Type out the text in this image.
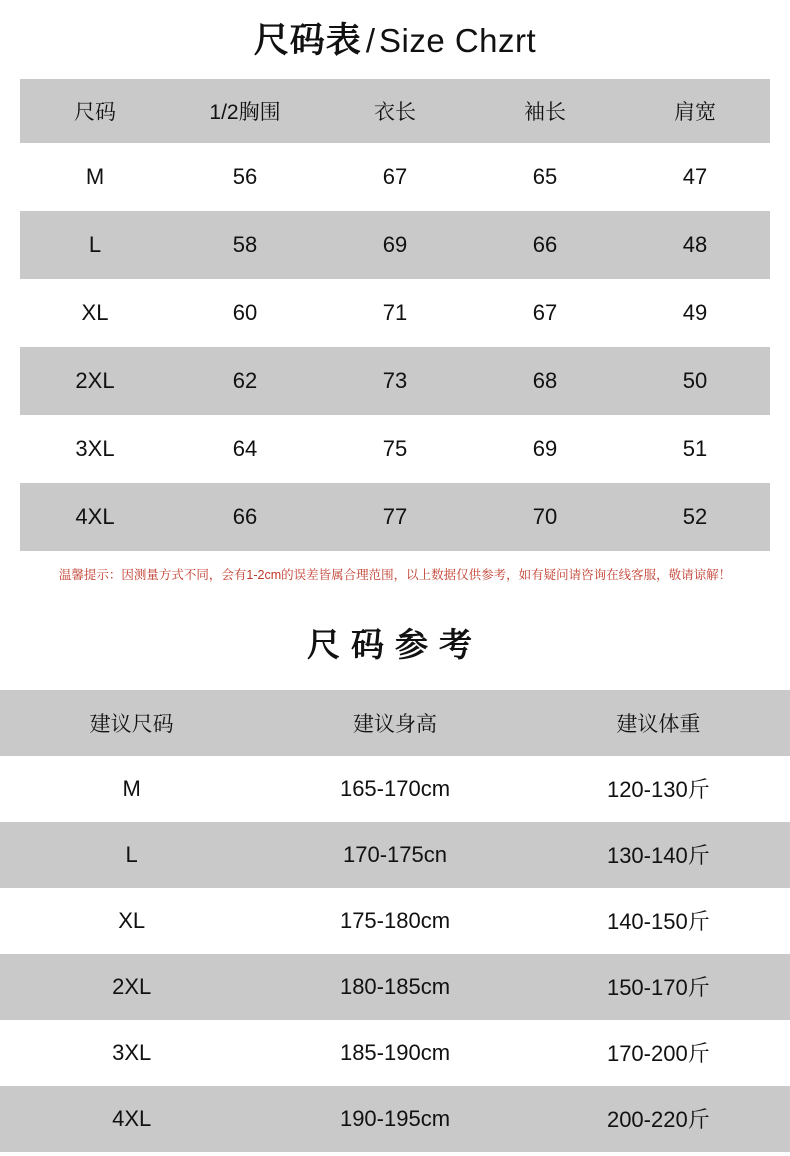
尺码表 / Size Chzrt
尺码	1/2胸围	衣长	袖长	肩宽
M	56	67	65	47
L	58	69	66	48
XL	60	71	67	49
2XL	62	73	68	50
3XL	64	75	69	51
4XL	66	77	70	52
温馨提示：因测量方式不同，会有1-2cm的误差皆属合理范围，以上数据仅供参考，如有疑问请咨询在线客服，敬请谅解！
尺码参考
建议尺码	建议身高	建议体重
M	165-170cm	120-130斤
L	170-175cn	130-140斤
XL	175-180cm	140-150斤
2XL	180-185cm	150-170斤
3XL	185-190cm	170-200斤
4XL	190-195cm	200-220斤
